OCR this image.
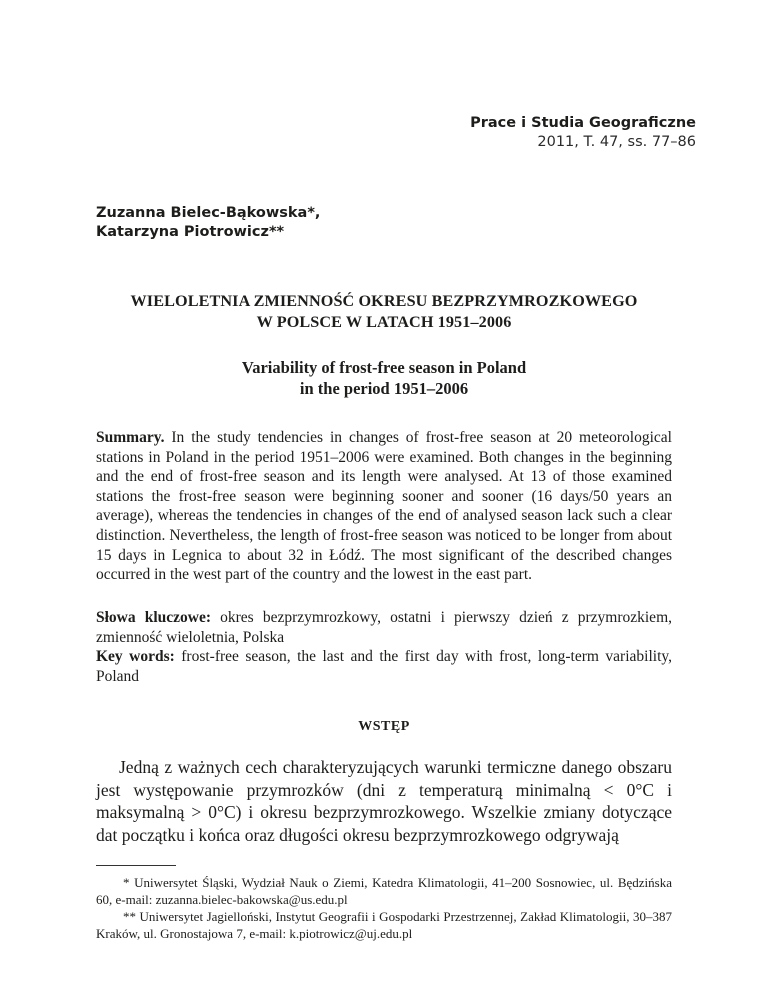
Prace i Studia Geograficzne
2011, T. 47, ss. 77–86
Zuzanna Bielec-Bąkowska*,
Katarzyna Piotrowicz**
WIELOLETNIA ZMIENNOŚĆ OKRESU BEZPRZYMROZKOWEGO
W POLSCE W LATACH 1951–2006
Variability of frost-free season in Poland
in the period 1951–2006
Summary. In the study tendencies in changes of frost-free season at 20 meteorological stations in Poland in the period 1951–2006 were examined. Both changes in the beginning and the end of frost-free season and its length were analysed. At 13 of those examined stations the frost-free season were beginning sooner and sooner (16 days/50 years an average), whereas the tendencies in changes of the end of analysed season lack such a clear distinction. Nevertheless, the length of frost-free season was noticed to be longer from about 15 days in Legnica to about 32 in Łódź. The most significant of the described changes occurred in the west part of the country and the lowest in the east part.

Słowa kluczowe: okres bezprzymrozkowy, ostatni i pierwszy dzień z przymrozkiem, zmienność wieloletnia, Polska

Key words: frost-free season, the last and the first day with frost, long-term variability, Poland

WSTĘP

Jedną z ważnych cech charakteryzujących warunki termiczne danego obszaru jest występowanie przymrozków (dni z temperaturą minimalną < 0°C i maksymalną > 0°C) i okresu bezprzymrozkowego. Wszelkie zmiany dotyczące dat początku i końca oraz długości okresu bezprzymrozkowego odgrywają

* Uniwersytet Śląski, Wydział Nauk o Ziemi, Katedra Klimatologii, 41–200 Sosnowiec, ul. Będzińska 60, e-mail: zuzanna.bielec-bakowska@us.edu.pl

** Uniwersytet Jagielloński, Instytut Geografii i Gospodarki Przestrzennej, Zakład Klimatologii, 30–387 Kraków, ul. Gronostajowa 7, e-mail: k.piotrowicz@uj.edu.pl
